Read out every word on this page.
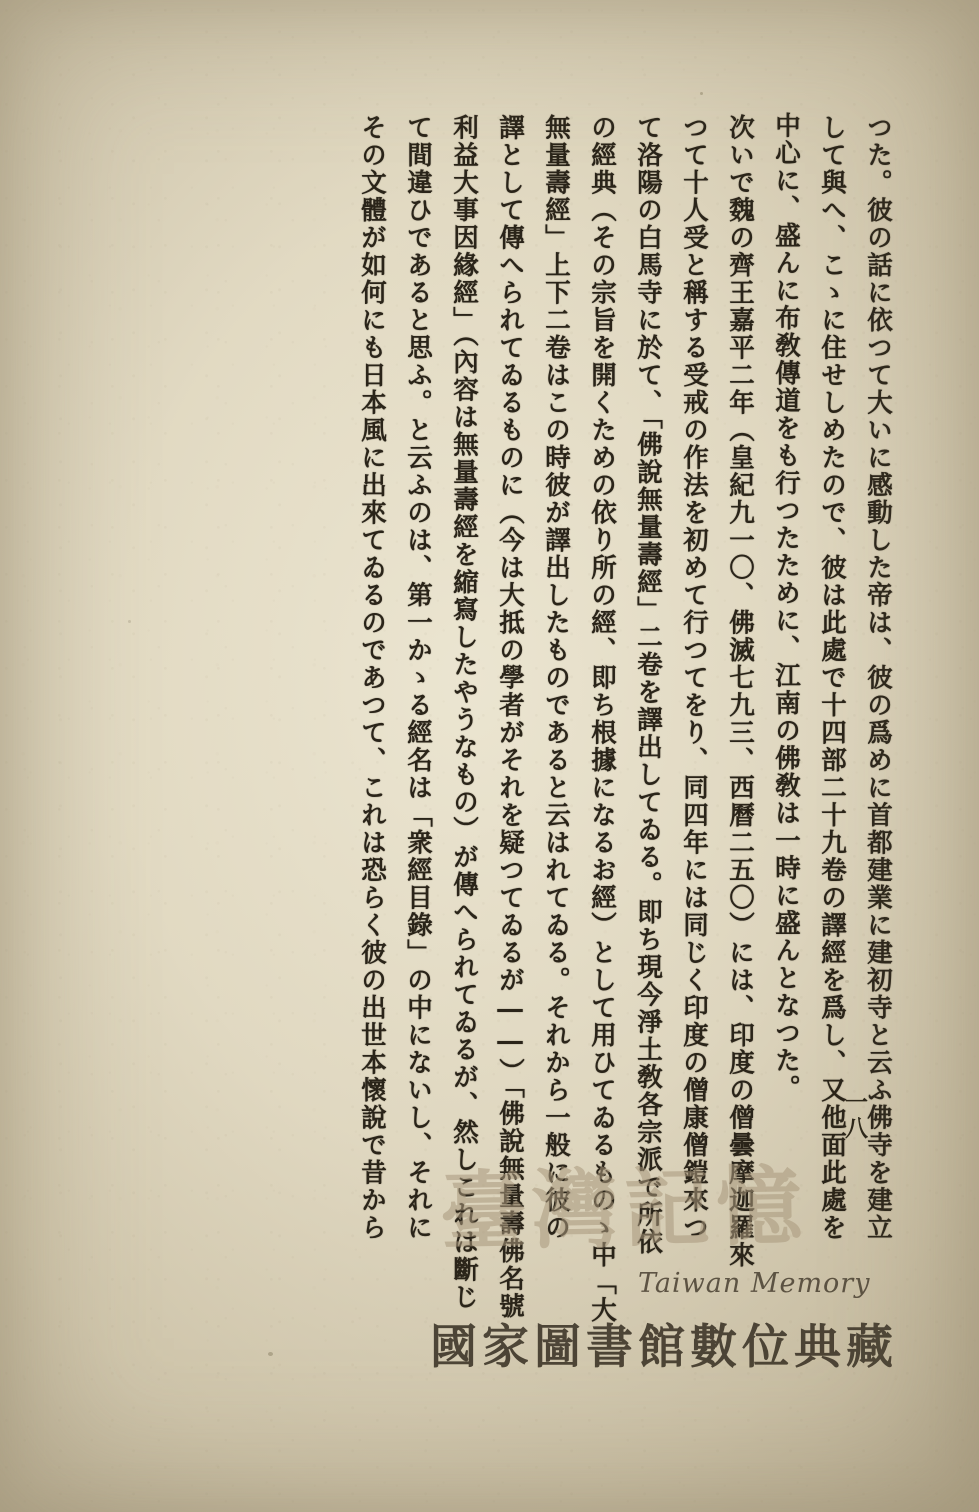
つた。彼の話に依つて大いに感動した帝は、彼の爲めに首都建業に建初寺と云ふ佛寺を建立
して與へ、こゝに住せしめたので、彼は此處で十四部二十九卷の譯經を爲し、又他面此處を
中心に、盛んに布敎傳道をも行つたために、江南の佛敎は一時に盛んとなつた。
次いで魏の齊王嘉平二年（皇紀九一〇、佛滅七九三、西曆二五〇）には、印度の僧曇摩迦羅來
つて十人受と稱する受戒の作法を初めて行つてをり、同四年には同じく印度の僧康僧鎧來つ
て洛陽の白馬寺に於て、「佛說無量壽經」二卷を譯出してゐる。即ち現今淨土敎各宗派で所依
の經典（その宗旨を開くための依り所の經、即ち根據になるお經）として用ひてゐるものゝ中「大
無量壽經」上下二卷はこの時彼が譯出したものであると云はれてゐる。それから一般に彼の
譯として傳へられてゐるものに（今は大抵の學者がそれを疑つてゐるが――）「佛說無量壽佛名號
利益大事因緣經」（內容は無量壽經を縮寫したやうなもの）が傳へられてゐるが、然しこれは斷じ
て間違ひであると思ふ。と云ふのは、第一かゝる經名は「衆經目錄」の中にないし、それに
その文體が如何にも日本風に出來てゐるのであつて、これは恐らく彼の出世本懷說で昔から	一八
臺灣記憶
Taiwan Memory
國家圖書館數位典藏
